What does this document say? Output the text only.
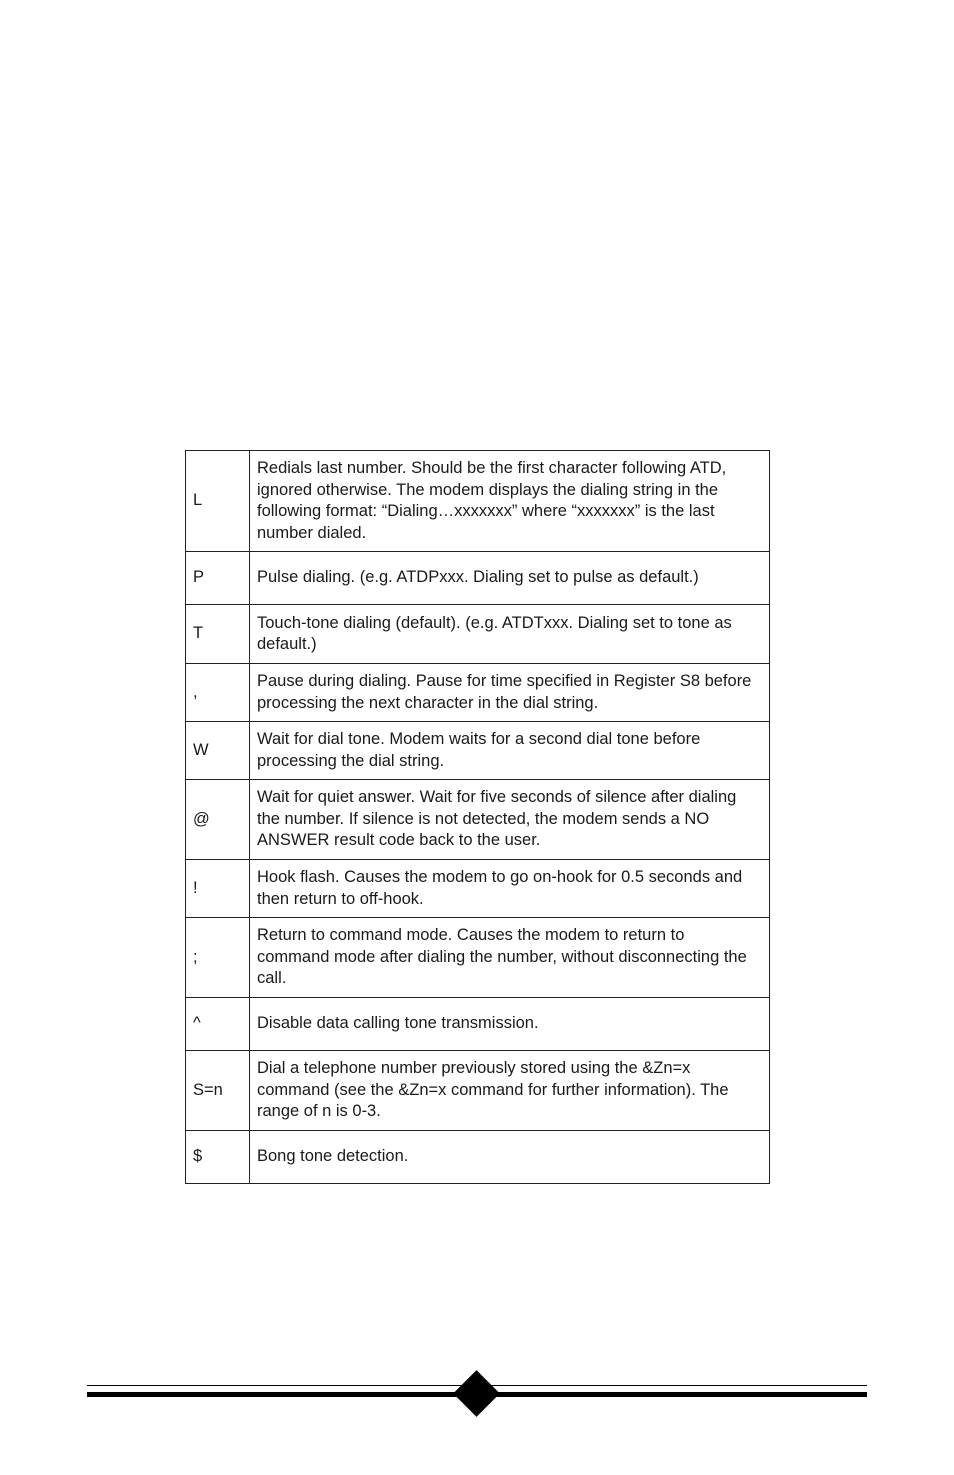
L	Redials last number. Should be the first character following ATD, ignored otherwise. The modem displays the dialing string in the following format: “Dialing…xxxxxxx” where “xxxxxxx” is the last number dialed.
P	Pulse dialing. (e.g. ATDPxxx. Dialing set to pulse as default.)
T	Touch-tone dialing (default). (e.g. ATDTxxx. Dialing set to tone as default.)
,	Pause during dialing. Pause for time specified in Register S8 before processing the next character in the dial string.
W	Wait for dial tone. Modem waits for a second dial tone before processing the dial string.
@	Wait for quiet answer. Wait for five seconds of silence after dialing the number. If silence is not detected, the modem sends a NO ANSWER result code back to the user.
!	Hook flash. Causes the modem to go on-hook for 0.5 seconds and then return to off-hook.
;	Return to command mode. Causes the modem to return to command mode after dialing the number, without disconnecting the call.
^	Disable data calling tone transmission.
S=n	Dial a telephone number previously stored using the &Zn=x command (see the &Zn=x command for further information). The range of n is 0-3.
$	Bong tone detection.
